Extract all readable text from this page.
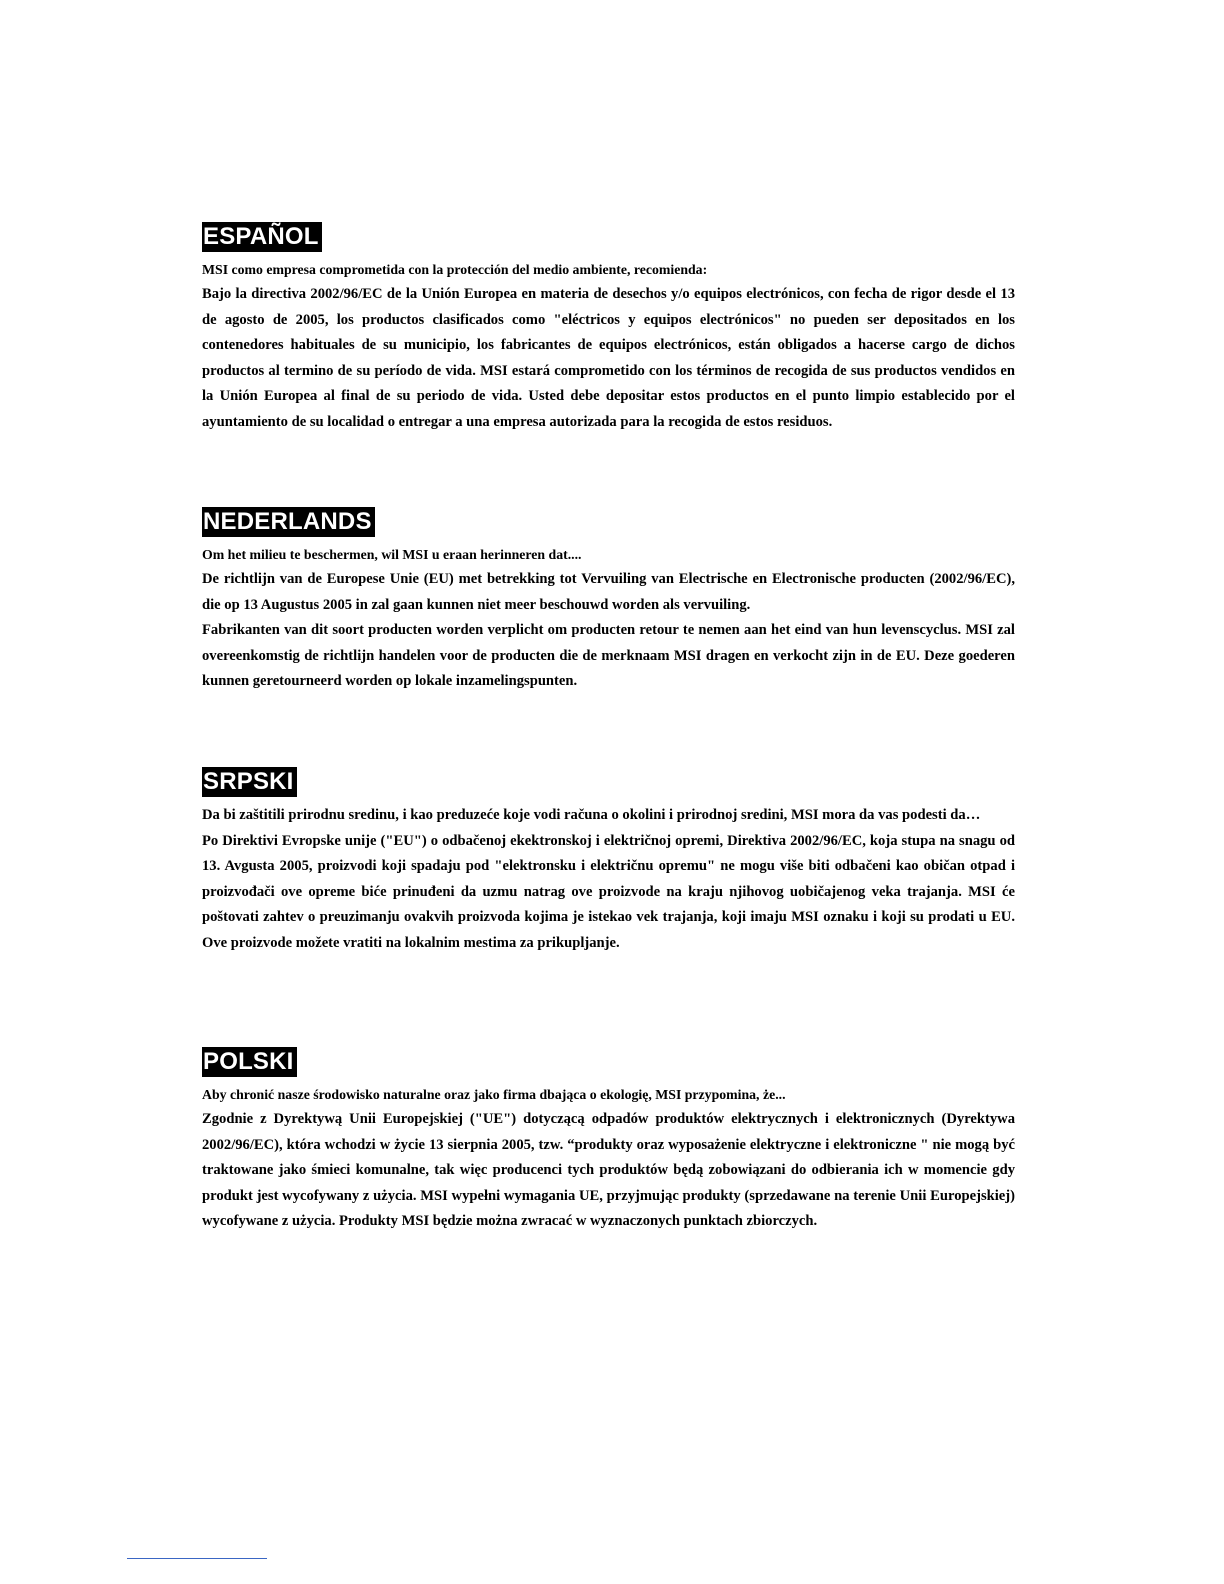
ESPAÑOL

MSI como empresa comprometida con la protección del medio ambiente, recomienda:

Bajo la directiva 2002/96/EC de la Unión Europea en materia de desechos y/o equipos electrónicos, con fecha de rigor desde el 13 de agosto de 2005, los productos clasificados como "eléctricos y equipos electrónicos" no pueden ser depositados en los contenedores habituales de su municipio, los fabricantes de equipos electrónicos, están obligados a hacerse cargo de dichos productos al termino de su período de vida. MSI estará comprometido con los términos de recogida de sus productos vendidos en la Unión Europea al final de su periodo de vida. Usted debe depositar estos productos en el punto limpio establecido por el ayuntamiento de su localidad o entregar a una empresa autorizada para la recogida de estos residuos.

NEDERLANDS

Om het milieu te beschermen, wil MSI u eraan herinneren dat....

De richtlijn van de Europese Unie (EU) met betrekking tot Vervuiling van Electrische en Electronische producten (2002/96/EC), die op 13 Augustus 2005 in zal gaan kunnen niet meer beschouwd worden als vervuiling.

Fabrikanten van dit soort producten worden verplicht om producten retour te nemen aan het eind van hun levenscyclus. MSI zal overeenkomstig de richtlijn handelen voor de producten die de merknaam MSI dragen en verkocht zijn in de EU. Deze goederen kunnen geretourneerd worden op lokale inzamelingspunten.

SRPSKI

Da bi zaštitili prirodnu sredinu, i kao preduzeće koje vodi računa o okolini i prirodnoj sredini, MSI mora da vas podesti da…

Po Direktivi Evropske unije ("EU") o odbačenoj ekektronskoj i električnoj opremi, Direktiva 2002/96/EC, koja stupa na snagu od 13. Avgusta 2005, proizvodi koji spadaju pod "elektronsku i električnu opremu" ne mogu više biti odbačeni kao običan otpad i proizvođači ove opreme biće prinuđeni da uzmu natrag ove proizvode na kraju njihovog uobičajenog veka trajanja. MSI će poštovati zahtev o preuzimanju ovakvih proizvoda kojima je istekao vek trajanja, koji imaju MSI oznaku i koji su prodati u EU. Ove proizvode možete vratiti na lokalnim mestima za prikupljanje.

POLSKI

Aby chronić nasze środowisko naturalne oraz jako firma dbająca o ekologię, MSI przypomina, że...

Zgodnie z Dyrektywą Unii Europejskiej ("UE") dotyczącą odpadów produktów elektrycznych i elektronicznych (Dyrektywa 2002/96/EC), która wchodzi w życie 13 sierpnia 2005, tzw. “produkty oraz wyposażenie elektryczne i elektroniczne " nie mogą być traktowane jako śmieci komunalne, tak więc producenci tych produktów będą zobowiązani do odbierania ich w momencie gdy produkt jest wycofywany z użycia. MSI wypełni wymagania UE, przyjmując produkty (sprzedawane na terenie Unii Europejskiej) wycofywane z użycia. Produkty MSI będzie można zwracać w wyznaczonych punktach zbiorczych.
